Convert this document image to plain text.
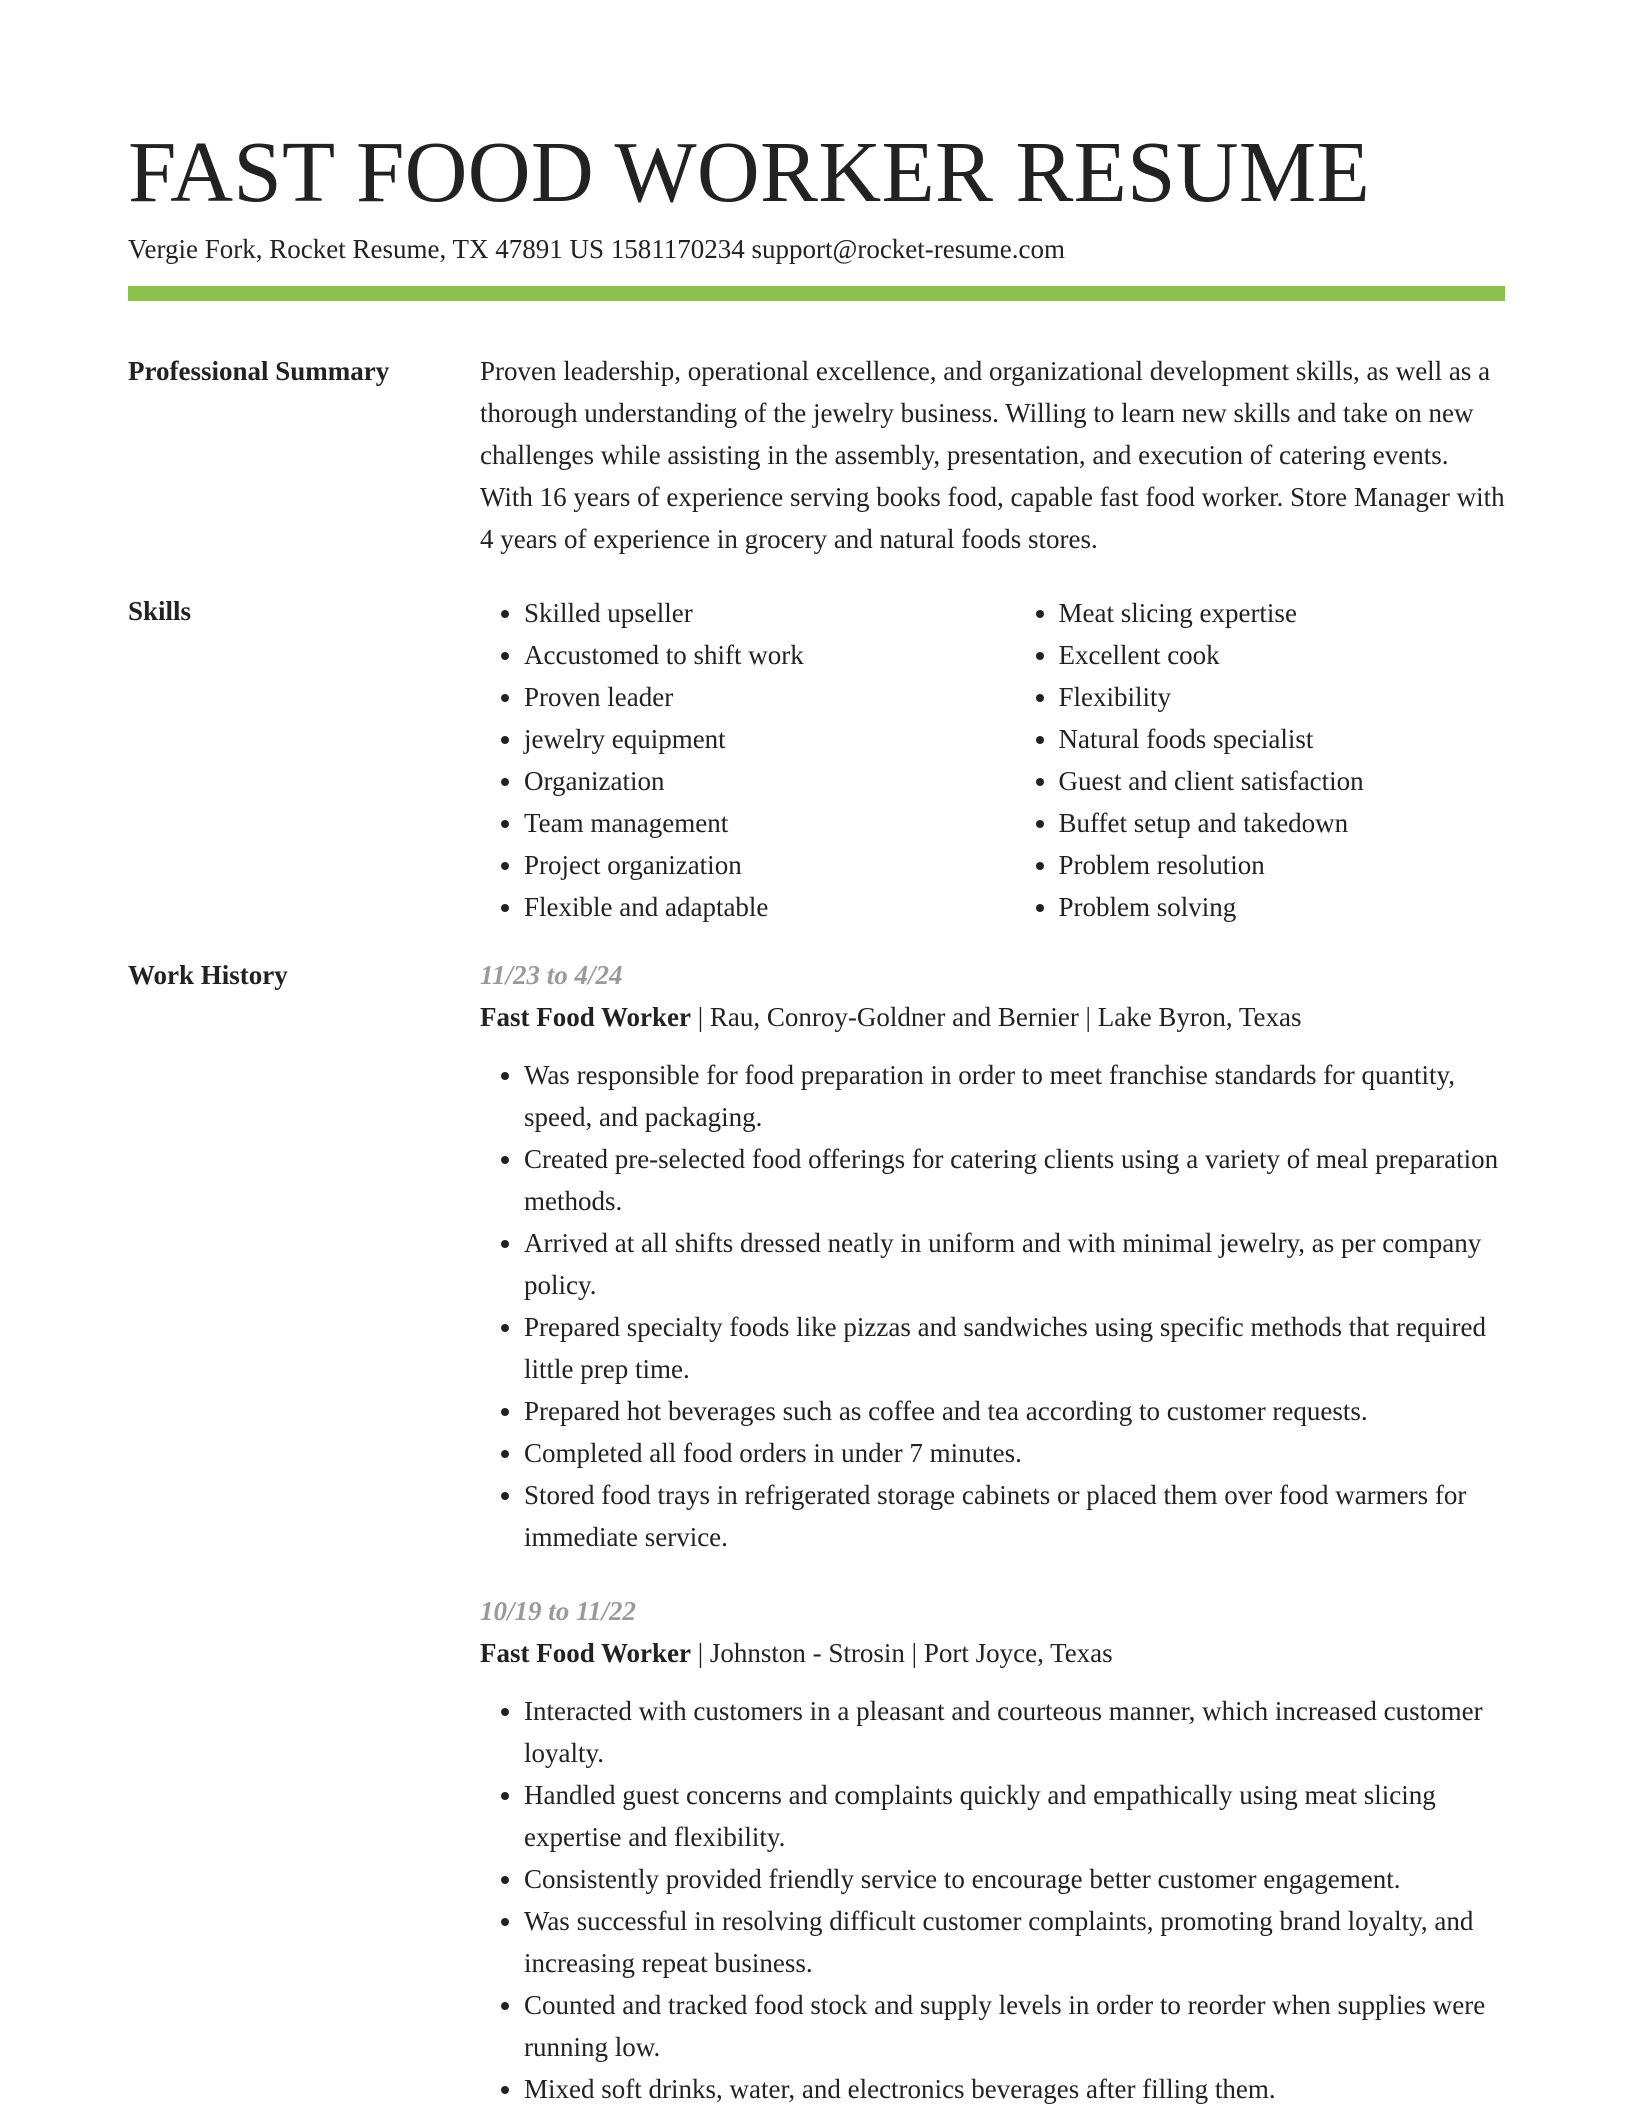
FAST FOOD WORKER RESUME
Vergie Fork, Rocket Resume, TX 47891 US 1581170234 support@rocket-resume.com
Professional Summary	Proven leadership, operational excellence, and organizational development skills, as well as a thorough understanding of the jewelry business. Willing to learn new skills and take on new challenges while assisting in the assembly, presentation, and execution of catering events. With 16 years of experience serving books food, capable fast food worker. Store Manager with 4 years of experience in grocery and natural foods stores.

Skills
•	Skilled upseller
• Accustomed to shift work
• Proven leader
• jewelry equipment
• Organization
• Team management
• Project organization
• Flexible and adaptable
• Meat slicing expertise
• Excellent cook
• Flexibility
• Natural foods specialist
• Guest and client satisfaction
• Buffet setup and takedown
• Problem resolution
• Problem solving
Work History	11/23 to 4/24
Fast Food Worker | Rau, Conroy-Goldner and Bernier | Lake Byron, Texas
• Was responsible for food preparation in order to meet franchise standards for quantity, speed, and packaging.
• Created pre-selected food offerings for catering clients using a variety of meal preparation methods.
• Arrived at all shifts dressed neatly in uniform and with minimal jewelry, as per company policy.
• Prepared specialty foods like pizzas and sandwiches using specific methods that required little prep time.
• Prepared hot beverages such as coffee and tea according to customer requests.
• Completed all food orders in under 7 minutes.
• Stored food trays in refrigerated storage cabinets or placed them over food warmers for immediate service.
10/19 to 11/22
Fast Food Worker | Johnston - Strosin | Port Joyce, Texas
• Interacted with customers in a pleasant and courteous manner, which increased customer loyalty.
• Handled guest concerns and complaints quickly and empathically using meat slicing expertise and flexibility.
• Consistently provided friendly service to encourage better customer engagement.
• Was successful in resolving difficult customer complaints, promoting brand loyalty, and increasing repeat business.
• Counted and tracked food stock and supply levels in order to reorder when supplies were running low.
• Mixed soft drinks, water, and electronics beverages after filling them.
